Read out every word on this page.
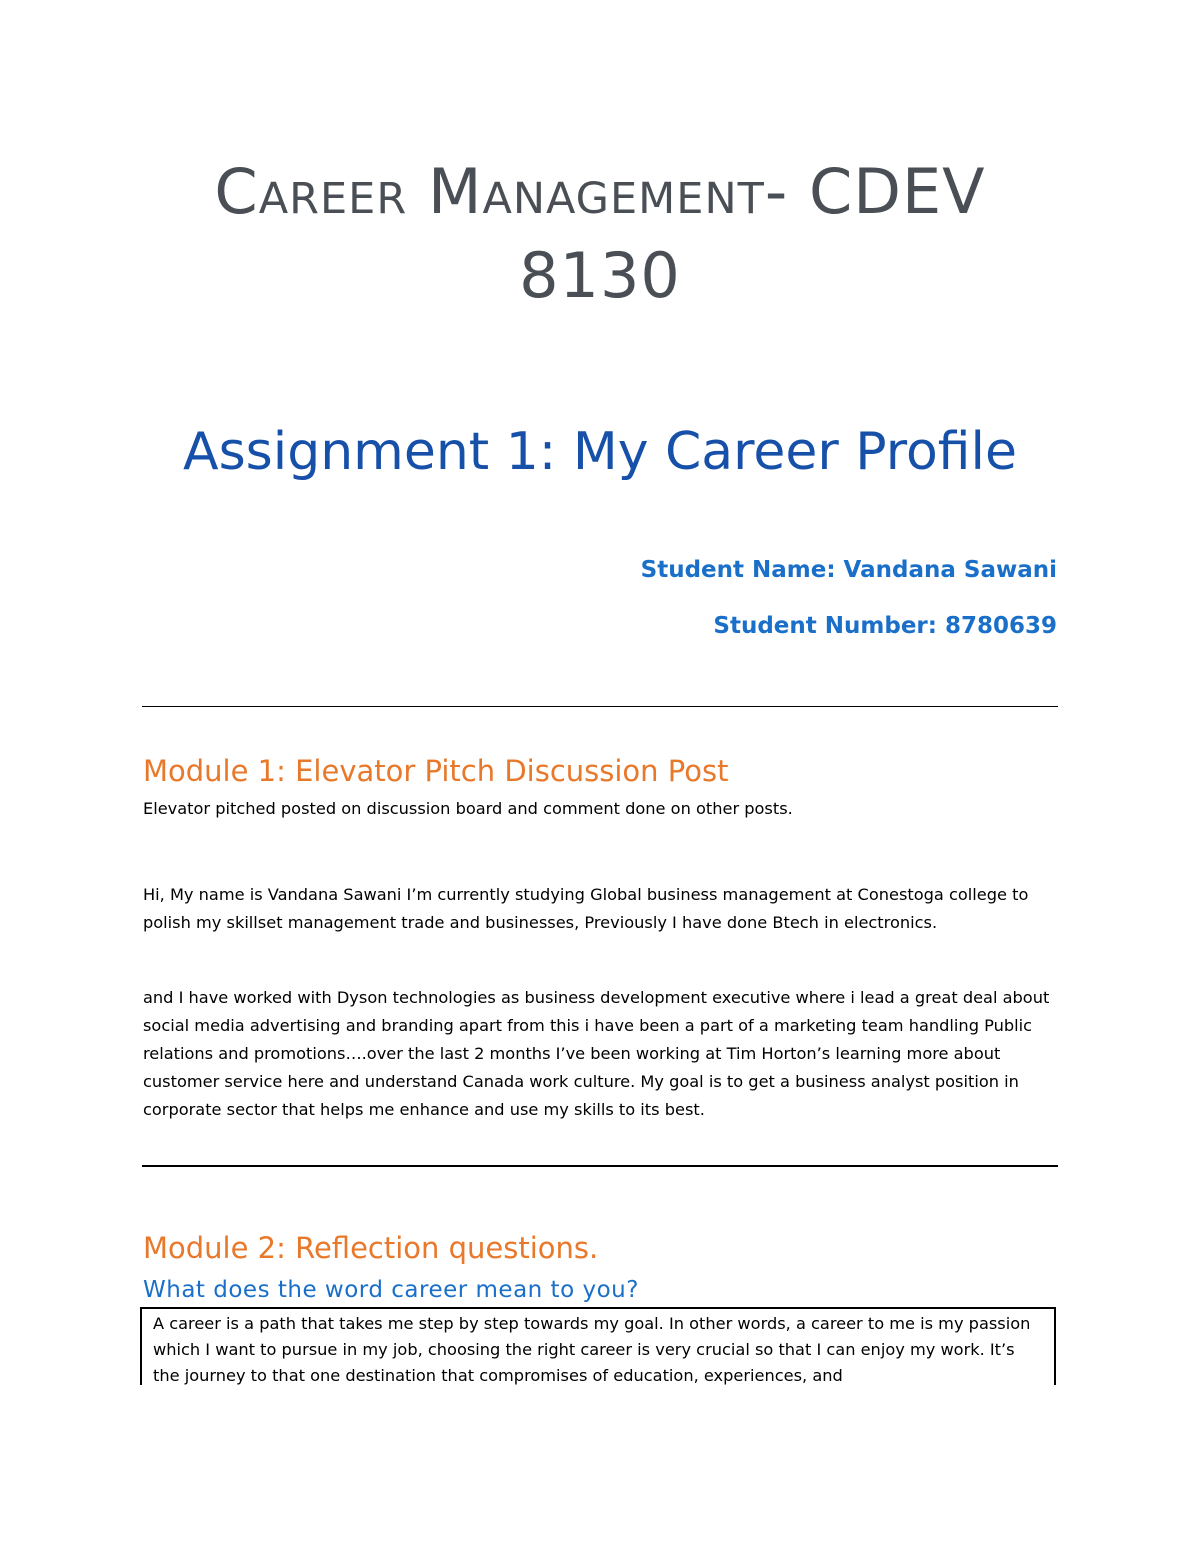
Career Management- CDEV
8130
Assignment 1: My Career Profile
Student Name: Vandana Sawani
Student Number: 8780639
Module 1: Elevator Pitch Discussion Post

Elevator pitched posted on discussion board and comment done on other posts.

Hi, My name is Vandana Sawani I’m currently studying Global business management at Conestoga college to polish my skillset management trade and businesses, Previously I have done Btech in electronics.

and I have worked with Dyson technologies as business development executive where i lead a great deal about social media advertising and branding apart from this i have been a part of a marketing team handling Public relations and promotions….over the last 2 months I’ve been working at Tim Horton’s learning more about customer service here and understand Canada work culture. My goal is to get a business analyst position in corporate sector that helps me enhance and use my skills to its best.

Module 2: Reflection questions.
What does the word career mean to you?
A career is a path that takes me step by step towards my goal. In other words, a career to me is my passion which I want to pursue in my job, choosing the right career is very crucial so that I can enjoy my work. It’s the journey to that one destination that compromises of education, experiences, and
